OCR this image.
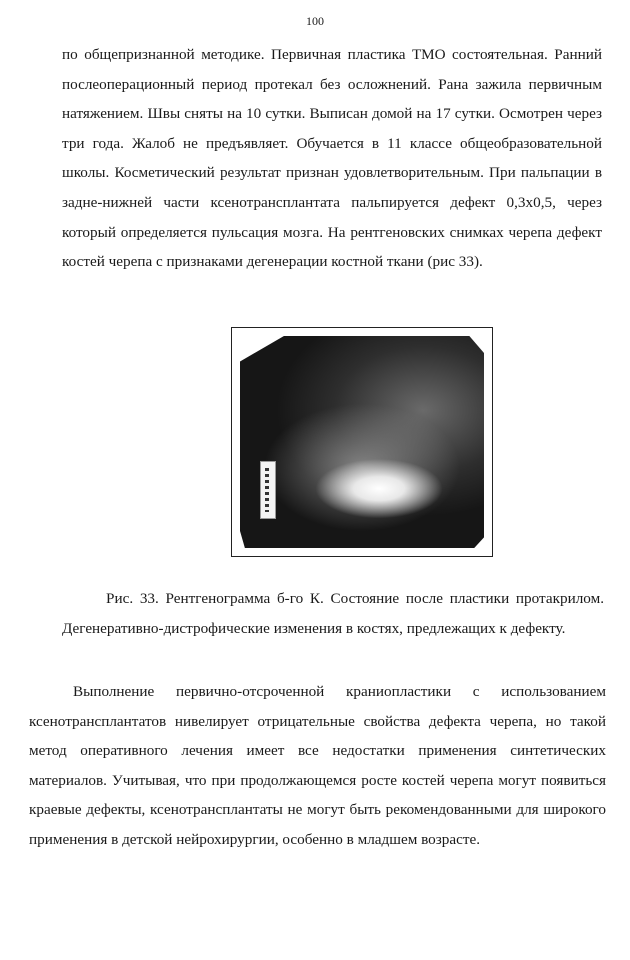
100

по общепризнанной методике. Первичная пластика ТМО состоятельная. Ранний послеоперационный период протекал без осложнений. Рана зажила первичным натяжением. Швы сняты на 10 сутки. Выписан домой на 17 сутки. Осмотрен через три года. Жалоб не предъявляет. Обучается в 11 классе общеобразовательной школы. Косметический результат признан удовлетворительным. При пальпации в задне-нижней части ксенотрансплантата пальпируется дефект 0,3х0,5, через который определяется пульсация мозга. На рентгеновских снимках черепа дефект костей черепа с признаками дегенерации костной ткани (рис 33).

Рис. 33. Рентгенограмма б-го К. Состояние после пластики протакрилом. Дегенеративно-дистрофические изменения в костях, предлежащих к дефекту.

Выполнение первично-отсроченной краниопластики с использованием ксенотрансплантатов нивелирует отрицательные свойства дефекта черепа, но такой метод оперативного лечения имеет все недостатки применения синтетических материалов. Учитывая, что при продолжающемся росте костей черепа могут появиться краевые дефекты, ксенотрансплантаты не могут быть рекомендованными для широкого применения в детской нейрохирургии, особенно в младшем возрасте.
